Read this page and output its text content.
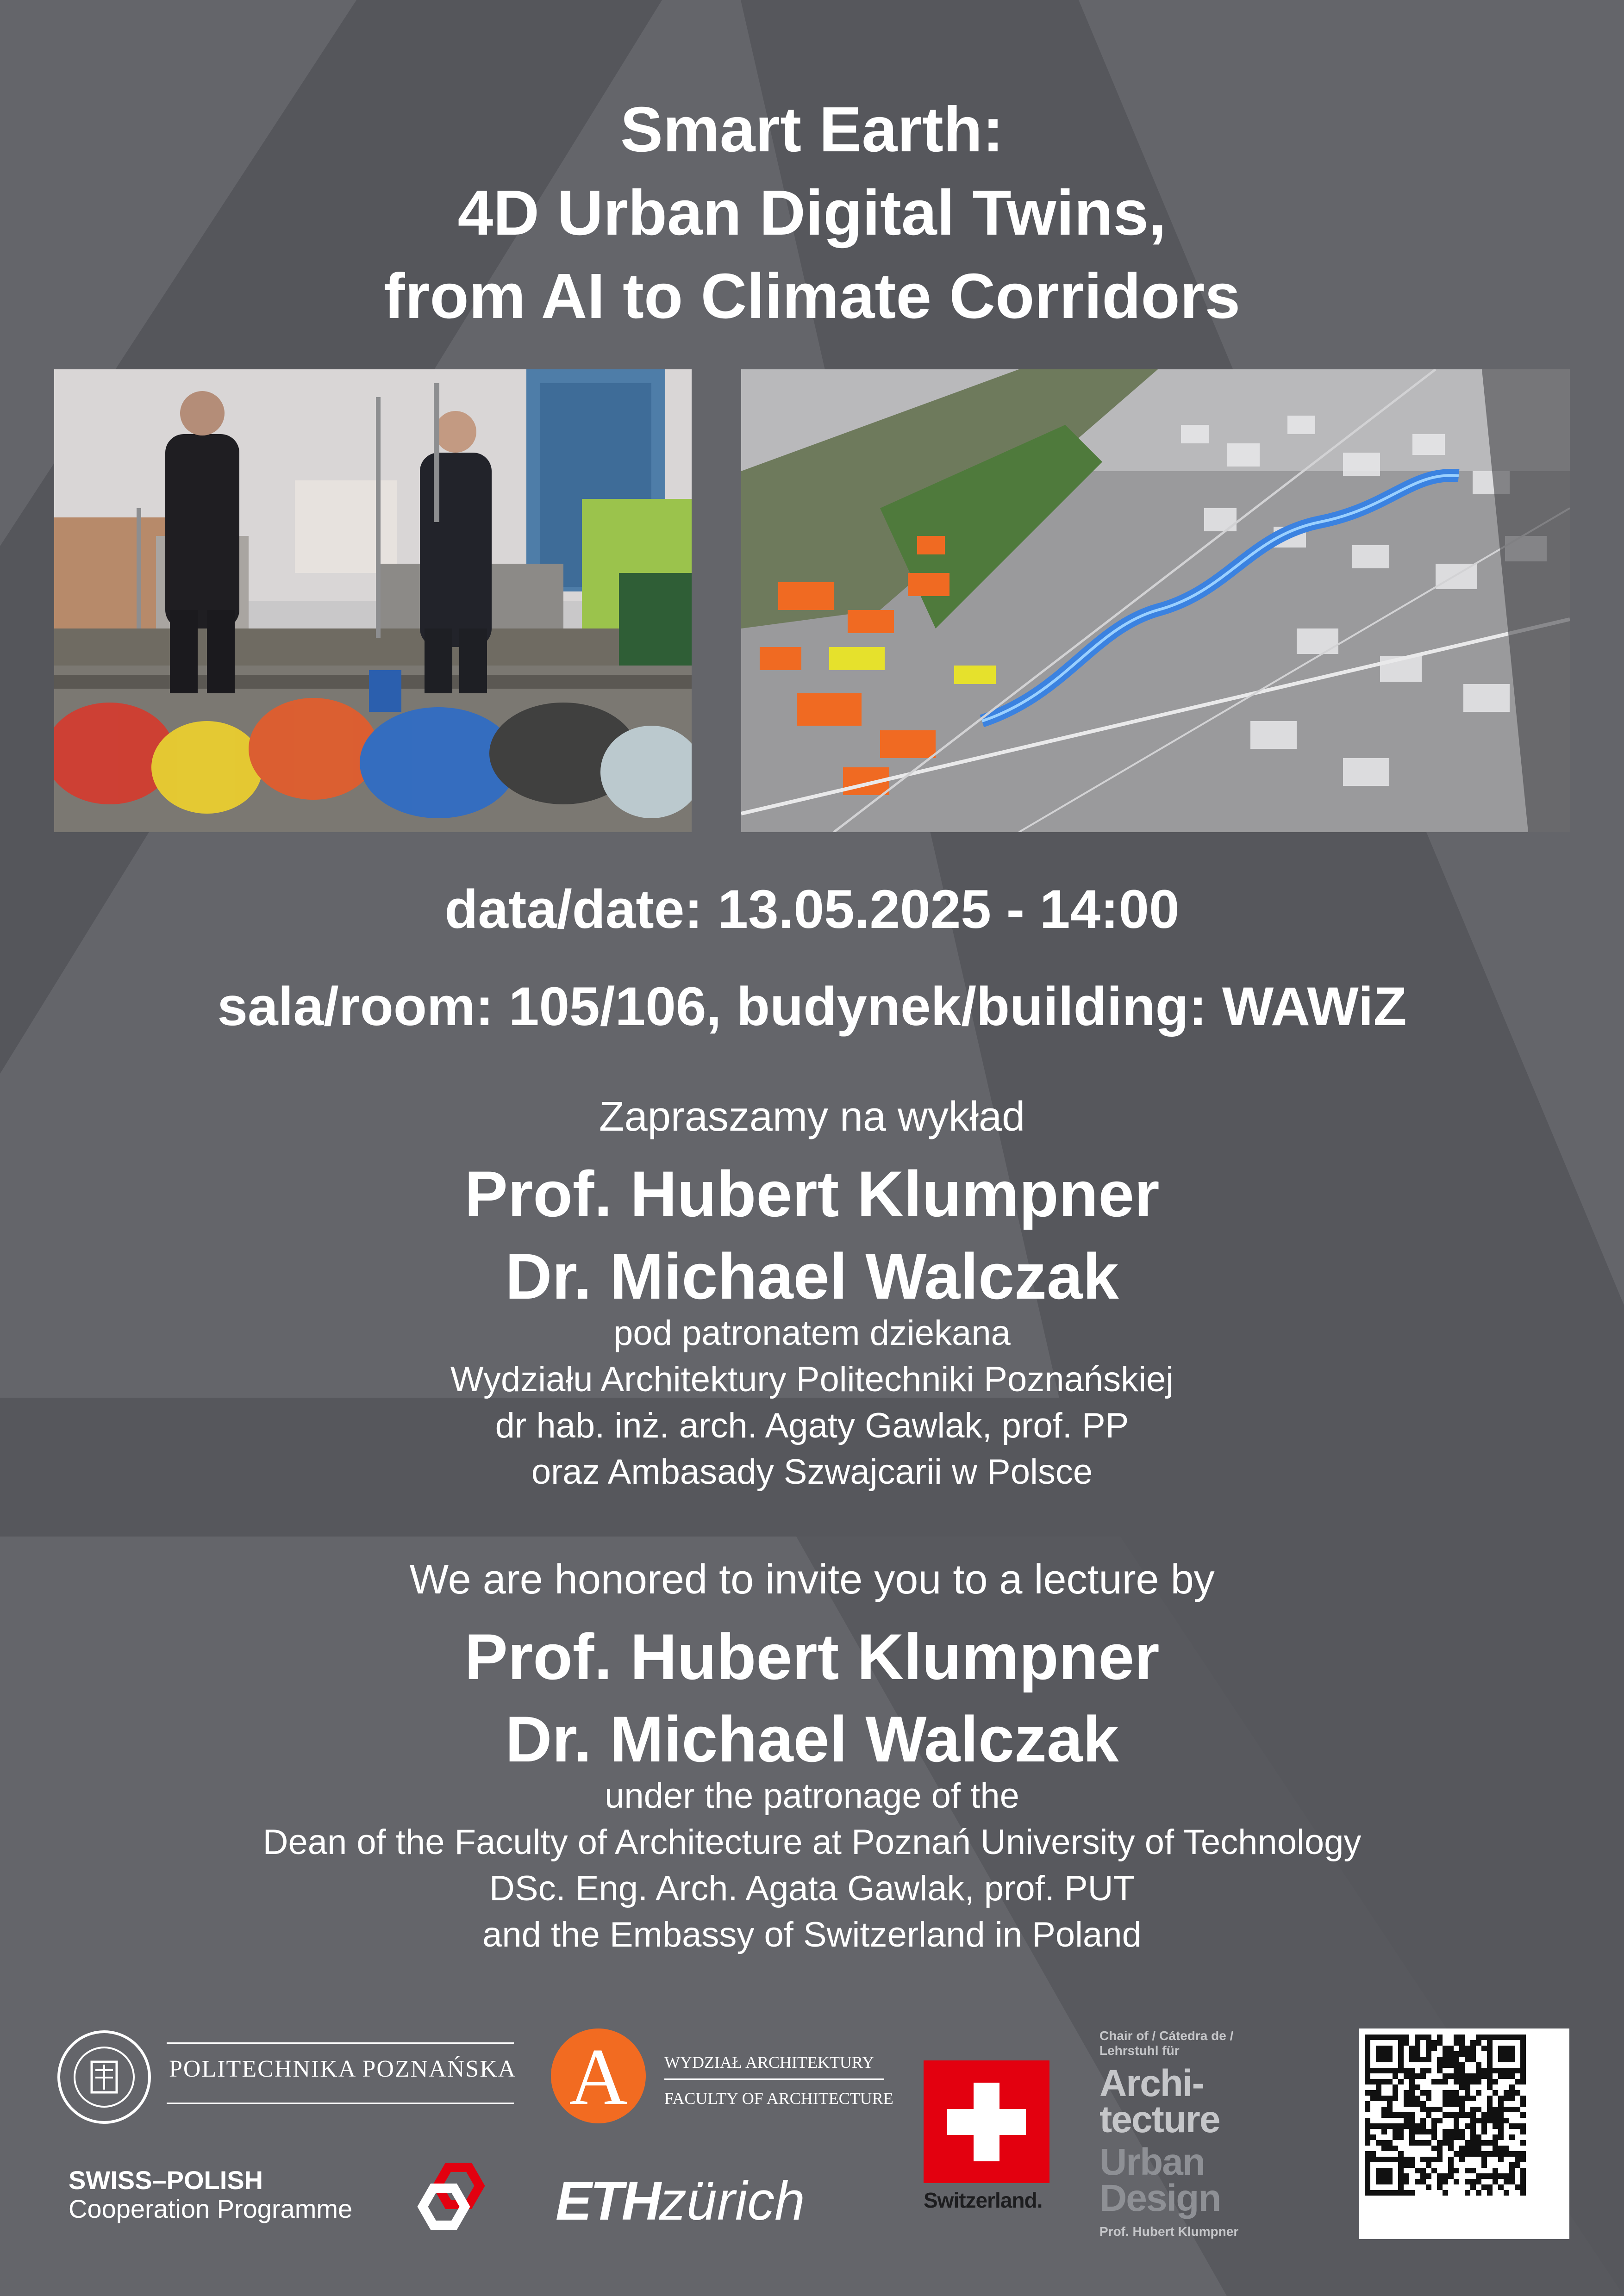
Smart Earth:
4D Urban Digital Twins,
from AI to Climate Corridors
data/date: 13.05.2025 - 14:00
sala/room: 105/106, budynek/building: WAWiZ
Zapraszamy na wykład
Prof. Hubert Klumpner
Dr. Michael Walczak
pod patronatem dziekana
Wydziału Architektury Politechniki Poznańskiej
dr hab. inż. arch. Agaty Gawlak, prof. PP
oraz Ambasady Szwajcarii w Polsce
We are honored to invite you to a lecture by
Prof. Hubert Klumpner
Dr. Michael Walczak
under the patronage of the
Dean of the Faculty of Architecture at Poznań University of Technology
DSc. Eng. Arch. Agata Gawlak, prof. PUT
and the Embassy of Switzerland in Poland
POLITECHNIKA POZNAŃSKA A	WYDZIAŁ ARCHITEKTURY
FACULTY OF ARCHITECTURE
Switzerland.
Chair of / Cátedra de / Lehrstuhl für
Archi-tecture
Urban Design
Prof. Hubert Klumpner
SWISS–POLISH
Cooperation Programme	ETHzürich
